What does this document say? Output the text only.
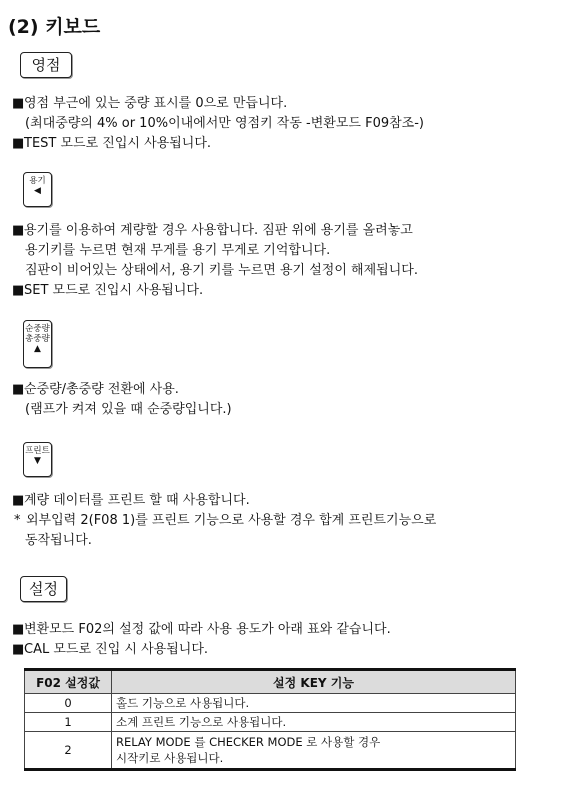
(2) 키보드
영점
■영점 부근에 있는 중량 표시를 0으로 만듭니다.
(최대중량의 4% or 10%이내에서만 영점키 작동 -변환모드 F09참조-)
■TEST 모드로 진입시 사용됩니다.
용기
◀
■용기를 이용하여 계량할 경우 사용합니다. 짐판 위에 용기를 올려놓고
용기키를 누르면 현재 무게를 용기 무게로 기억합니다.
짐판이 비어있는 상태에서, 용기 키를 누르면 용기 설정이 해제됩니다.
■SET 모드로 진입시 사용됩니다.
순중량
총중량
▲
■순중량/총중량 전환에 사용.
(램프가 켜져 있을 때 순중량입니다.)
프린트
▼
■계량 데이터를 프린트 할 때 사용합니다.
* 외부입력 2(F08 1)를 프린트 기능으로 사용할 경우 합계 프린트기능으로
동작됩니다.
설정
■변환모드 F02의 설정 값에 따라 사용 용도가 아래 표와 같습니다.
■CAL 모드로 진입 시 사용됩니다.
F02 설정값	설정 KEY 기능
0	홀드 기능으로 사용됩니다.
1	소계 프린트 기능으로 사용됩니다.
2	RELAY MODE 를 CHECKER MODE 로 사용할 경우
시작키로 사용됩니다.
